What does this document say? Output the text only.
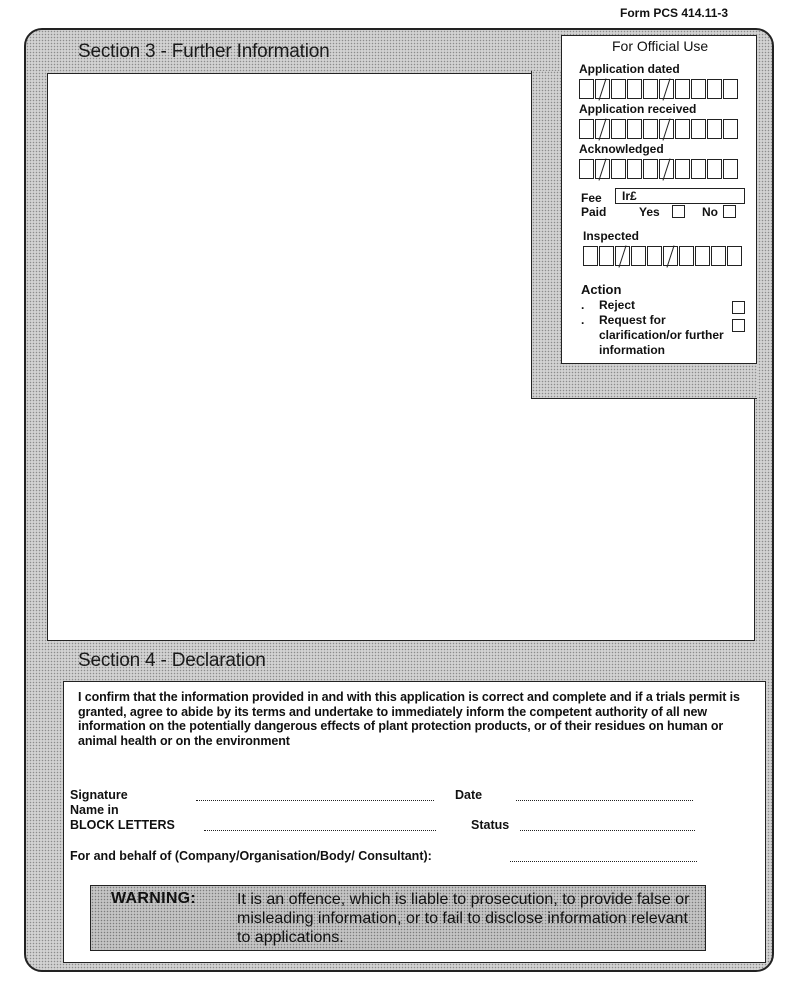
Form PCS 414.11-3
Section 3 - Further Information	For Official Use
Application dated
Application received
Acknowledged
Fee	Ir£
Paid	Yes	No
Inspected
Action
. Reject
. Request for clarification/or further information
Section 4 - Declaration
I confirm that the information provided in and with this application is correct and complete and if a trials permit is granted, agree to abide by its terms and undertake to immediately inform the competent authority of all new information on the potentially dangerous effects of plant protection products, or of their residues on human or animal health or on the environment
Signature	Date
Name in
BLOCK LETTERS	Status
For and behalf of (Company/Organisation/Body/ Consultant):
WARNING:	It is an offence, which is liable to prosecution, to provide false or misleading information, or to fail to disclose information relevant to applications.
